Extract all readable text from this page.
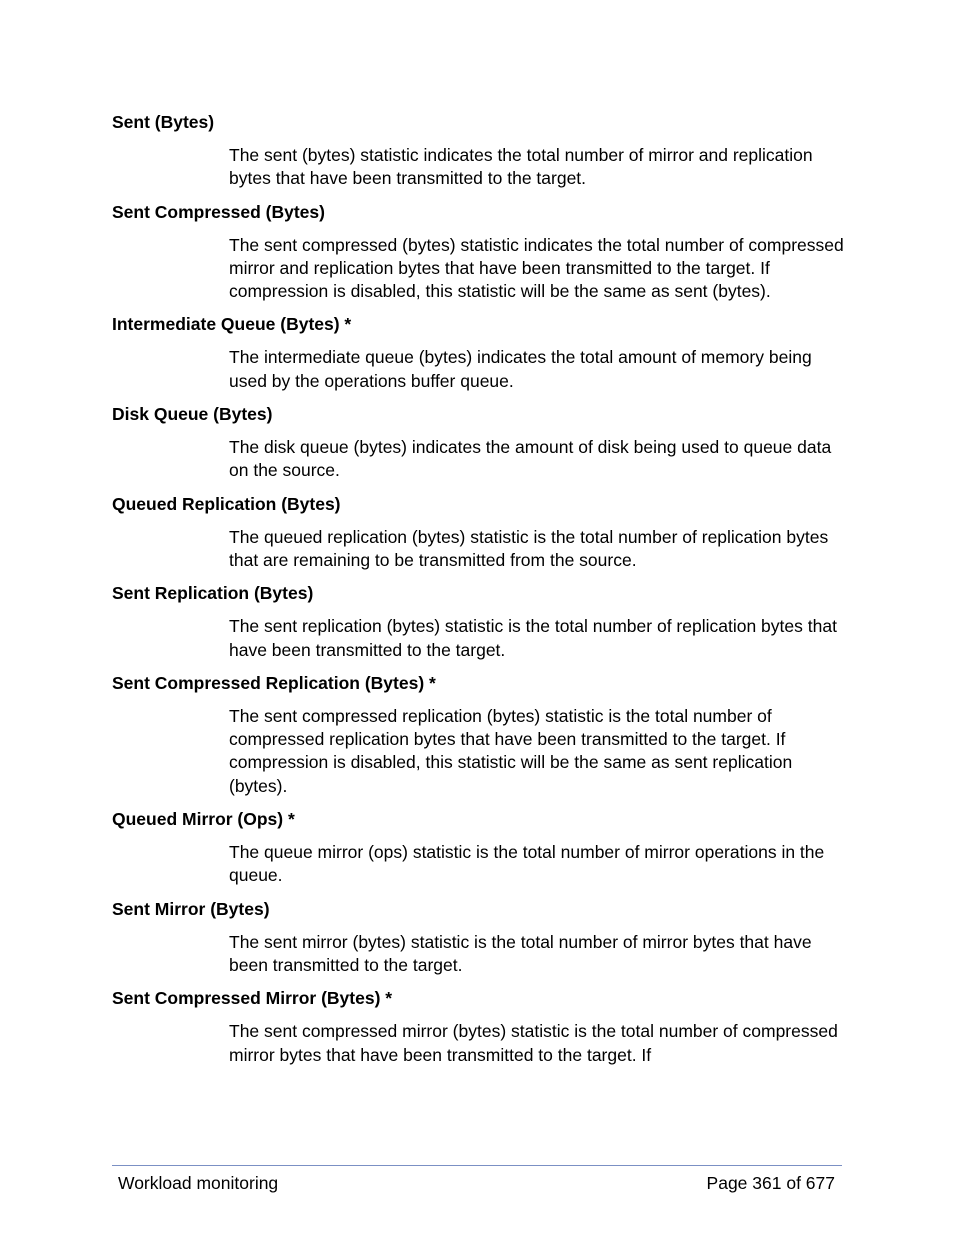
Sent (Bytes)
The sent (bytes) statistic indicates the total number of mirror and replication bytes that have been transmitted to the target.
Sent Compressed (Bytes)
The sent compressed (bytes) statistic indicates the total number of compressed mirror and replication bytes that have been transmitted to the target. If compression is disabled, this statistic will be the same as sent (bytes).
Intermediate Queue (Bytes) *
The intermediate queue (bytes) indicates the total amount of memory being used by the operations buffer queue.
Disk Queue (Bytes)
The disk queue (bytes) indicates the amount of disk being used to queue data on the source.
Queued Replication (Bytes)
The queued replication (bytes) statistic is the total number of replication bytes that are remaining to be transmitted from the source.
Sent Replication (Bytes)
The sent replication (bytes) statistic is the total number of replication bytes that have been transmitted to the target.
Sent Compressed Replication (Bytes) *
The sent compressed replication (bytes) statistic is the total number of compressed replication bytes that have been transmitted to the target. If compression is disabled, this statistic will be the same as sent replication (bytes).
Queued Mirror (Ops) *
The queue mirror (ops) statistic is the total number of mirror operations in the queue.
Sent Mirror (Bytes)
The sent mirror (bytes) statistic is the total number of mirror bytes that have been transmitted to the target.
Sent Compressed Mirror (Bytes) *
The sent compressed mirror (bytes) statistic is the total number of compressed mirror bytes that have been transmitted to the target. If
Workload monitoring	Page 361 of 677
